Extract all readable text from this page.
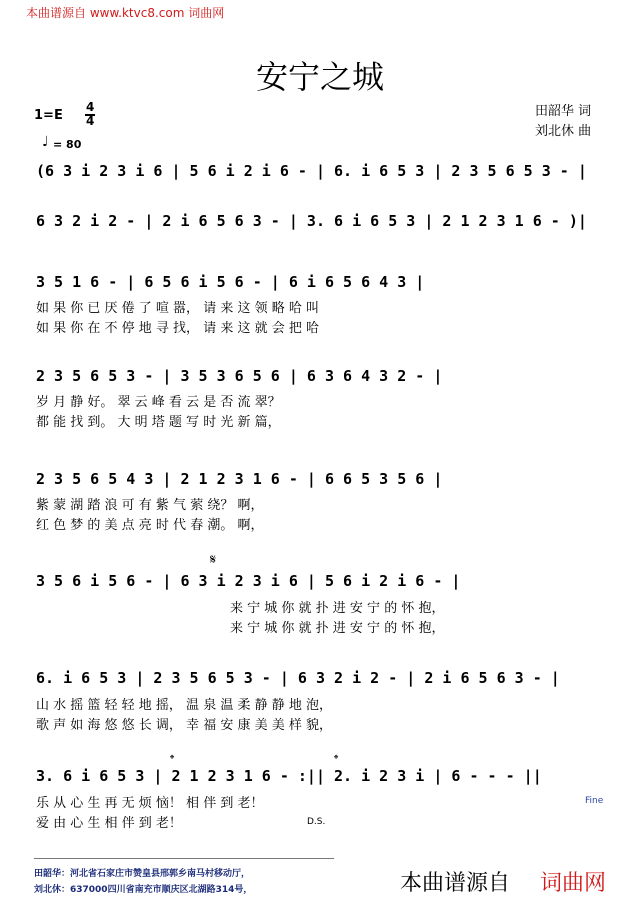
本曲谱源自 www.ktvc8.com 词曲网
安宁之城
1=E
4
4
♩ = 80
田韶华 词
刘北休 曲
(6 3 i 2 3 i 6 | 5 6 i 2 i 6 - | 6. i 6 5 3 | 2 3 5 6 5 3 - |
6 3 2 i 2 - | 2 i 6 5 6 3 - | 3. 6 i 6 5 3 | 2 1 2 3 1 6 - )|
3 5 1 6 - | 6 5 6 i 5 6 - | 6 i 6 5 6 4 3 |
如 果 你 已 厌 倦 了 喧 嚣， 请 来 这 领 略 哈 叫
如 果 你 在 不 停 地 寻 找， 请 来 这 就 会 把 哈
2 3 5 6 5 3 - | 3 5 3 6 5 6 | 6 3 6 4 3 2 - |
岁 月 静 好。 翠 云 峰 看 云 是 否 流 翠？
都 能 找 到。 大 明 塔 题 写 时 光 新 篇，
2 3 5 6 5 4 3 | 2 1 2 3 1 6 - | 6 6 5 3 5 6 |
紫 蒙 湖 踏 浪 可 有 紫 气 萦 绕？ 啊，
红 色 梦 的 美 点 亮 时 代 春 潮。 啊，
𝄋
3 5 6 i 5 6 - | 6 3 i 2 3 i 6 | 5 6 i 2 i 6 - |
来 宁 城 你 就 扑 进 安 宁 的 怀 抱，
来 宁 城 你 就 扑 进 安 宁 的 怀 抱，
6. i 6 5 3 | 2 3 5 6 5 3 - | 6 3 2 i 2 - | 2 i 6 5 6 3 - |
山 水 摇 篮 轻 轻 地 摇， 温 泉 温 柔 静 静 地 泡，
歌 声 如 海 悠 悠 长 调， 幸 福 安 康 美 美 样 貌，
𝄌	𝄌
3. 6 i 6 5 3 | 2 1 2 3 1 6 - :|| 2. i 2 3 i | 6 - - - ||
乐 从 心 生 再 无 烦 恼！ 相 伴 到 老！
爱 由 心 生 相 伴 到 老！
Fine
D.S.
田韶华：河北省石家庄市赞皇县邢郭乡南马村移动厅，
刘北休：637000四川省南充市顺庆区北湖路314号，	本曲谱源自 词曲网
